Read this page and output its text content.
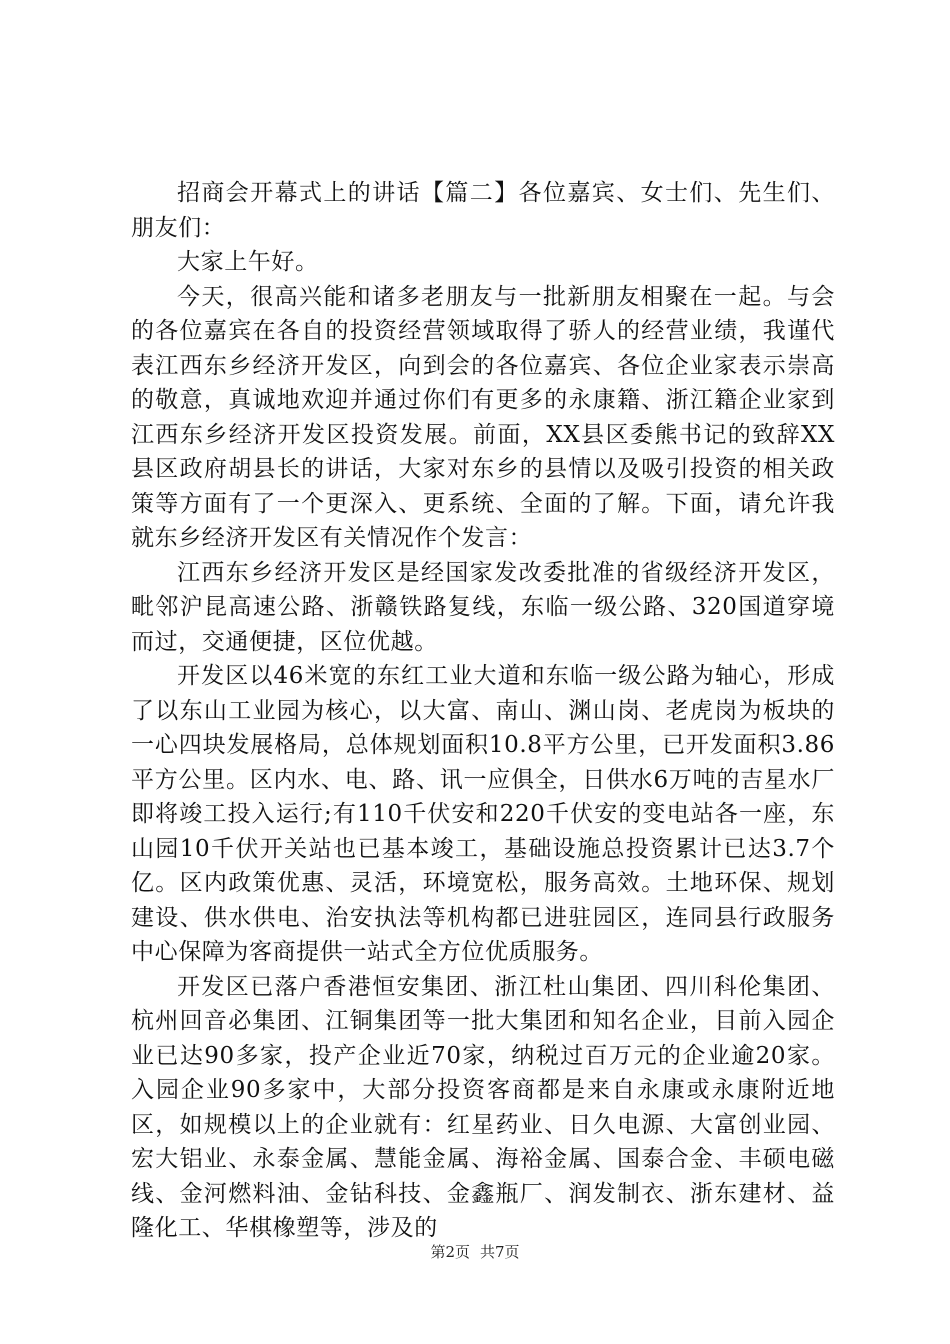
招商会开幕式上的讲话【篇二】各位嘉宾、女士们、先生们、朋友们：

大家上午好。

今天，很高兴能和诸多老朋友与一批新朋友相聚在一起。与会的各位嘉宾在各自的投资经营领域取得了骄人的经营业绩，我谨代表江西东乡经济开发区，向到会的各位嘉宾、各位企业家表示崇高的敬意，真诚地欢迎并通过你们有更多的永康籍、浙江籍企业家到江西东乡经济开发区投资发展。前面，XX县区委熊书记的致辞XX县区政府胡县长的讲话，大家对东乡的县情以及吸引投资的相关政策等方面有了一个更深入、更系统、全面的了解。下面，请允许我就东乡经济开发区有关情况作个发言：

江西东乡经济开发区是经国家发改委批准的省级经济开发区，毗邻沪昆高速公路、浙赣铁路复线，东临一级公路、320国道穿境而过，交通便捷，区位优越。

开发区以46米宽的东红工业大道和东临一级公路为轴心，形成了以东山工业园为核心，以大富、南山、渊山岗、老虎岗为板块的一心四块发展格局，总体规划面积10.8平方公里，已开发面积3.86平方公里。区内水、电、路、讯一应俱全，日供水6万吨的吉星水厂即将竣工投入运行;有110千伏安和220千伏安的变电站各一座，东山园10千伏开关站也已基本竣工，基础设施总投资累计已达3.7个亿。区内政策优惠、灵活，环境宽松，服务高效。土地环保、规划建设、供水供电、治安执法等机构都已进驻园区，连同县行政服务中心保障为客商提供一站式全方位优质服务。

开发区已落户香港恒安集团、浙江杜山集团、四川科伦集团、杭州回音必集团、江铜集团等一批大集团和知名企业，目前入园企业已达90多家，投产企业近70家，纳税过百万元的企业逾20家。入园企业90多家中，大部分投资客商都是来自永康或永康附近地区，如规模以上的企业就有：红星药业、日久电源、大富创业园、宏大铝业、永泰金属、慧能金属、海裕金属、国泰合金、丰硕电磁线、金河燃料油、金钻科技、金鑫瓶厂、润发制衣、浙东建材、益隆化工、华棋橡塑等，涉及的

第2页 共7页
